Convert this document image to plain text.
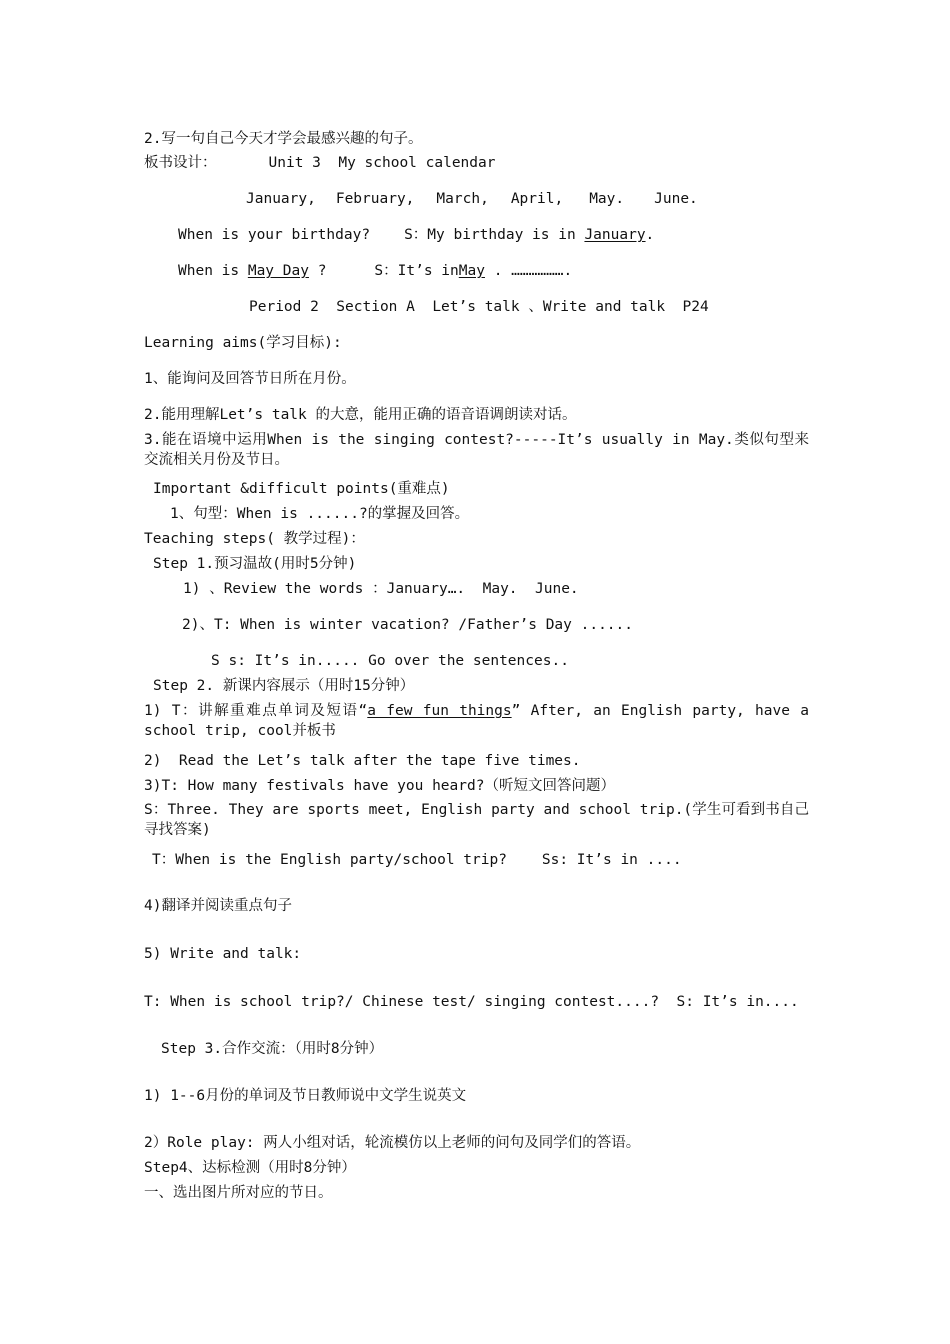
2.写一句自己今天才学会最感兴趣的句子。
板书设计：	Unit 3  My school calendar
January, February, March, April, May. June.
When is your birthday? S：My birthday is in January.
When is May Day ?	S：It’s inMay . ……………….
Period 2  Section A  Let’s talk 、Write and talk  P24
Learning aims(学习目标):
1、能询问及回答节日所在月份。
2.能用理解Let’s talk 的大意，能用正确的语音语调朗读对话。
3.能在语境中运用When is the singing contest?-----It’s usually in May.类似句型来交流相关月份及节日。
Important &difficult points(重难点)
1、句型：When is ......?的掌握及回答。
Teaching steps( 教学过程)：
Step 1.预习温故(用时5分钟)
1) 、Review the words ：January….  May.  June.
2)、T: When is winter vacation? /Father’s Day ......
S s: It’s in..... Go over the sentences..
Step 2. 新课内容展示（用时15分钟）
1) T：讲解重难点单词及短语“a few fun things” After, an English party, have a school trip, cool并板书
2)  Read the Let’s talk after the tape five times.
3)T: How many festivals have you heard?（听短文回答问题）
S：Three. They are sports meet, English party and school trip.(学生可看到书自己寻找答案)
T：When is the English party/school trip?    Ss: It’s in ....
4)翻译并阅读重点句子
5) Write and talk:
T: When is school trip?/ Chinese test/ singing contest....?  S: It’s in....
Step 3.合作交流：（用时8分钟）
1) 1--6月份的单词及节日教师说中文学生说英文
2）Role play: 两人小组对话，轮流模仿以上老师的问句及同学们的答语。
Step4、达标检测（用时8分钟）
一、选出图片所对应的节日。
